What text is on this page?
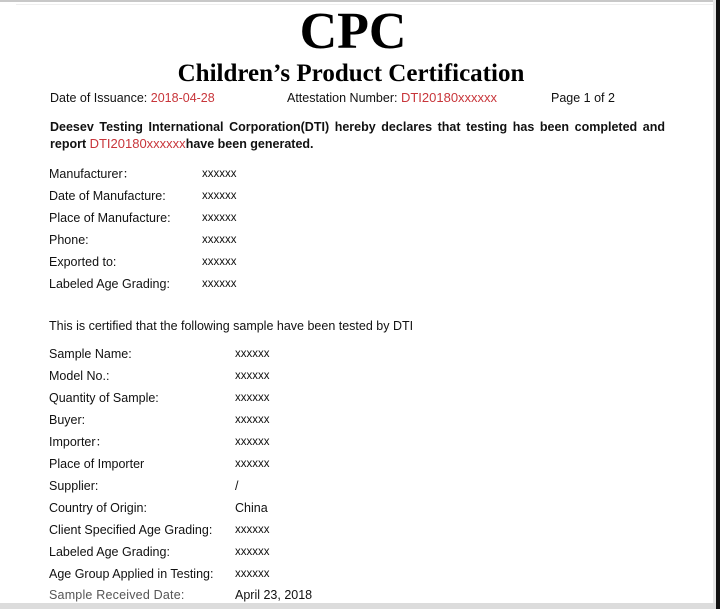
CPC
Children’s Product Certification
Date of Issuance: 2018-04-28	Attestation Number: DTI20180xxxxxx	Page 1 of 2
Deesev Testing International Corporation(DTI) hereby declares that testing has been completed and report DTI20180xxxxxxhave been generated.
Manufacturer：	xxxxxx
Date of Manufacture:	xxxxxx
Place of Manufacture:	xxxxxx
Phone:	xxxxxx
Exported to:	xxxxxx
Labeled Age Grading:	xxxxxx
This is certified that the following sample have been tested by DTI
Sample Name:	xxxxxx
Model No.:	xxxxxx
Quantity of Sample:	xxxxxx
Buyer:	xxxxxx
Importer：	xxxxxx
Place of Importer	xxxxxx
Supplier:	/
Country of Origin:	China
Client Specified Age Grading: xxxxxx
Labeled Age Grading:	xxxxxx
Age Group Applied in Testing: xxxxxx
Sample Received Date:	April 23, 2018
